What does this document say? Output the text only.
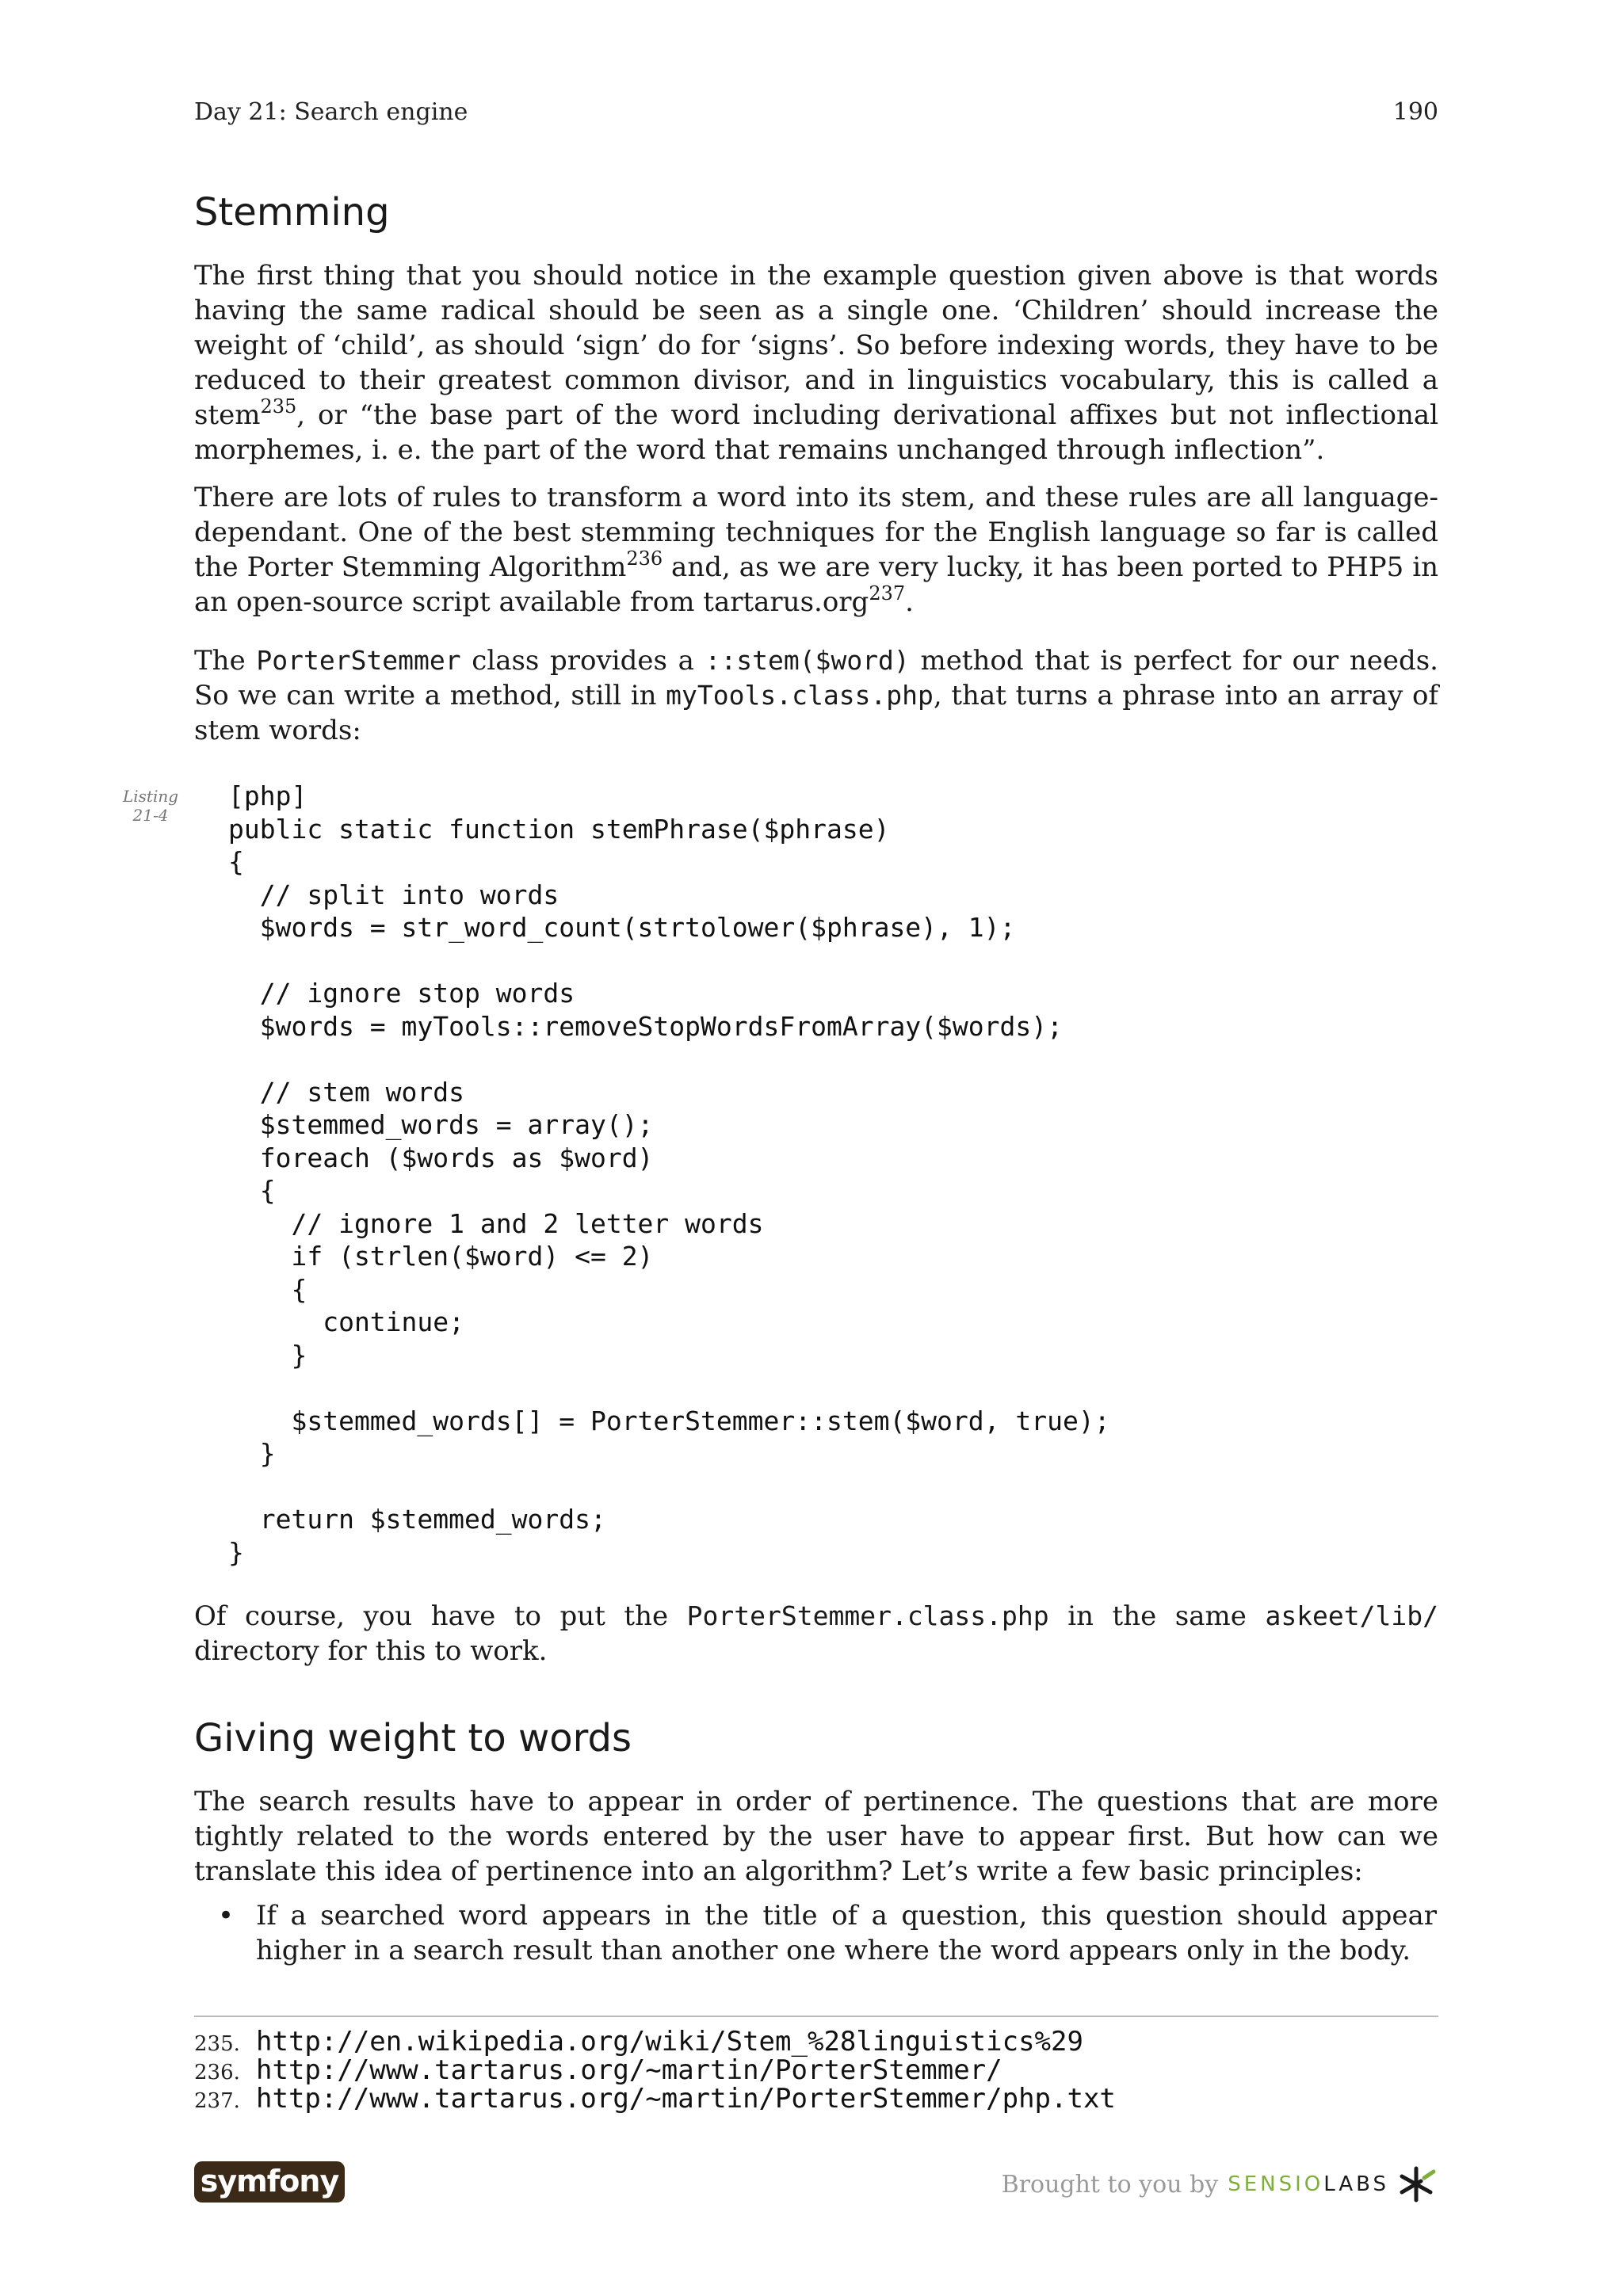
Day 21: Search engine	190
Stemming

The first thing that you should notice in the example question given above is that words having the same radical should be seen as a single one. ‘Children’ should increase the weight of ‘child’, as should ‘sign’ do for ‘signs’. So before indexing words, they have to be reduced to their greatest common divisor, and in linguistics vocabulary, this is called a stem$^{235}$, or “the base part of the word including derivational affixes but not inflectional morphemes, i. e. the part of the word that remains unchanged through inflection”.

There are lots of rules to transform a word into its stem, and these rules are all language-dependant. One of the best stemming techniques for the English language so far is called the Porter Stemming Algorithm$^{236}$ and, as we are very lucky, it has been ported to PHP5 in an open-source script available from tartarus.org$^{237}$.

The PorterStemmer class provides a ::stem($word) method that is perfect for our needs. So we can write a method, still in myTools.class.php, that turns a phrase into an array of stem words:

Of course, you have to put the PorterStemmer.class.php in the same askeet/lib/ directory for this to work.

Giving weight to words

The search results have to appear in order of pertinence. The questions that are more tightly related to the words entered by the user have to appear first. But how can we translate this idea of pertinence into an algorithm? Let’s write a few basic principles:

• If a searched word appears in the title of a question, this question should appear higher in a search result than another one where the word appears only in the body.
235. http://en.wikipedia.org/wiki/Stem_%28linguistics%29
236. http://www.tartarus.org/~martin/PorterStemmer/
237. http://www.tartarus.org/~martin/PorterStemmer/php.txt
symfony	Brought to you by SENSIO LABS
Listing
21-4
[php]
public static function stemPhrase($phrase)
{
// split into words
$words = str_word_count(strtolower($phrase), 1);

// ignore stop words
$words = myTools::removeStopWordsFromArray($words);

// stem words
$stemmed_words = array();
foreach ($words as $word)
{
// ignore 1 and 2 letter words
if (strlen($word) <= 2)
{
continue;
}

$stemmed_words[] = PorterStemmer::stem($word, true);
}

return $stemmed_words;
}
